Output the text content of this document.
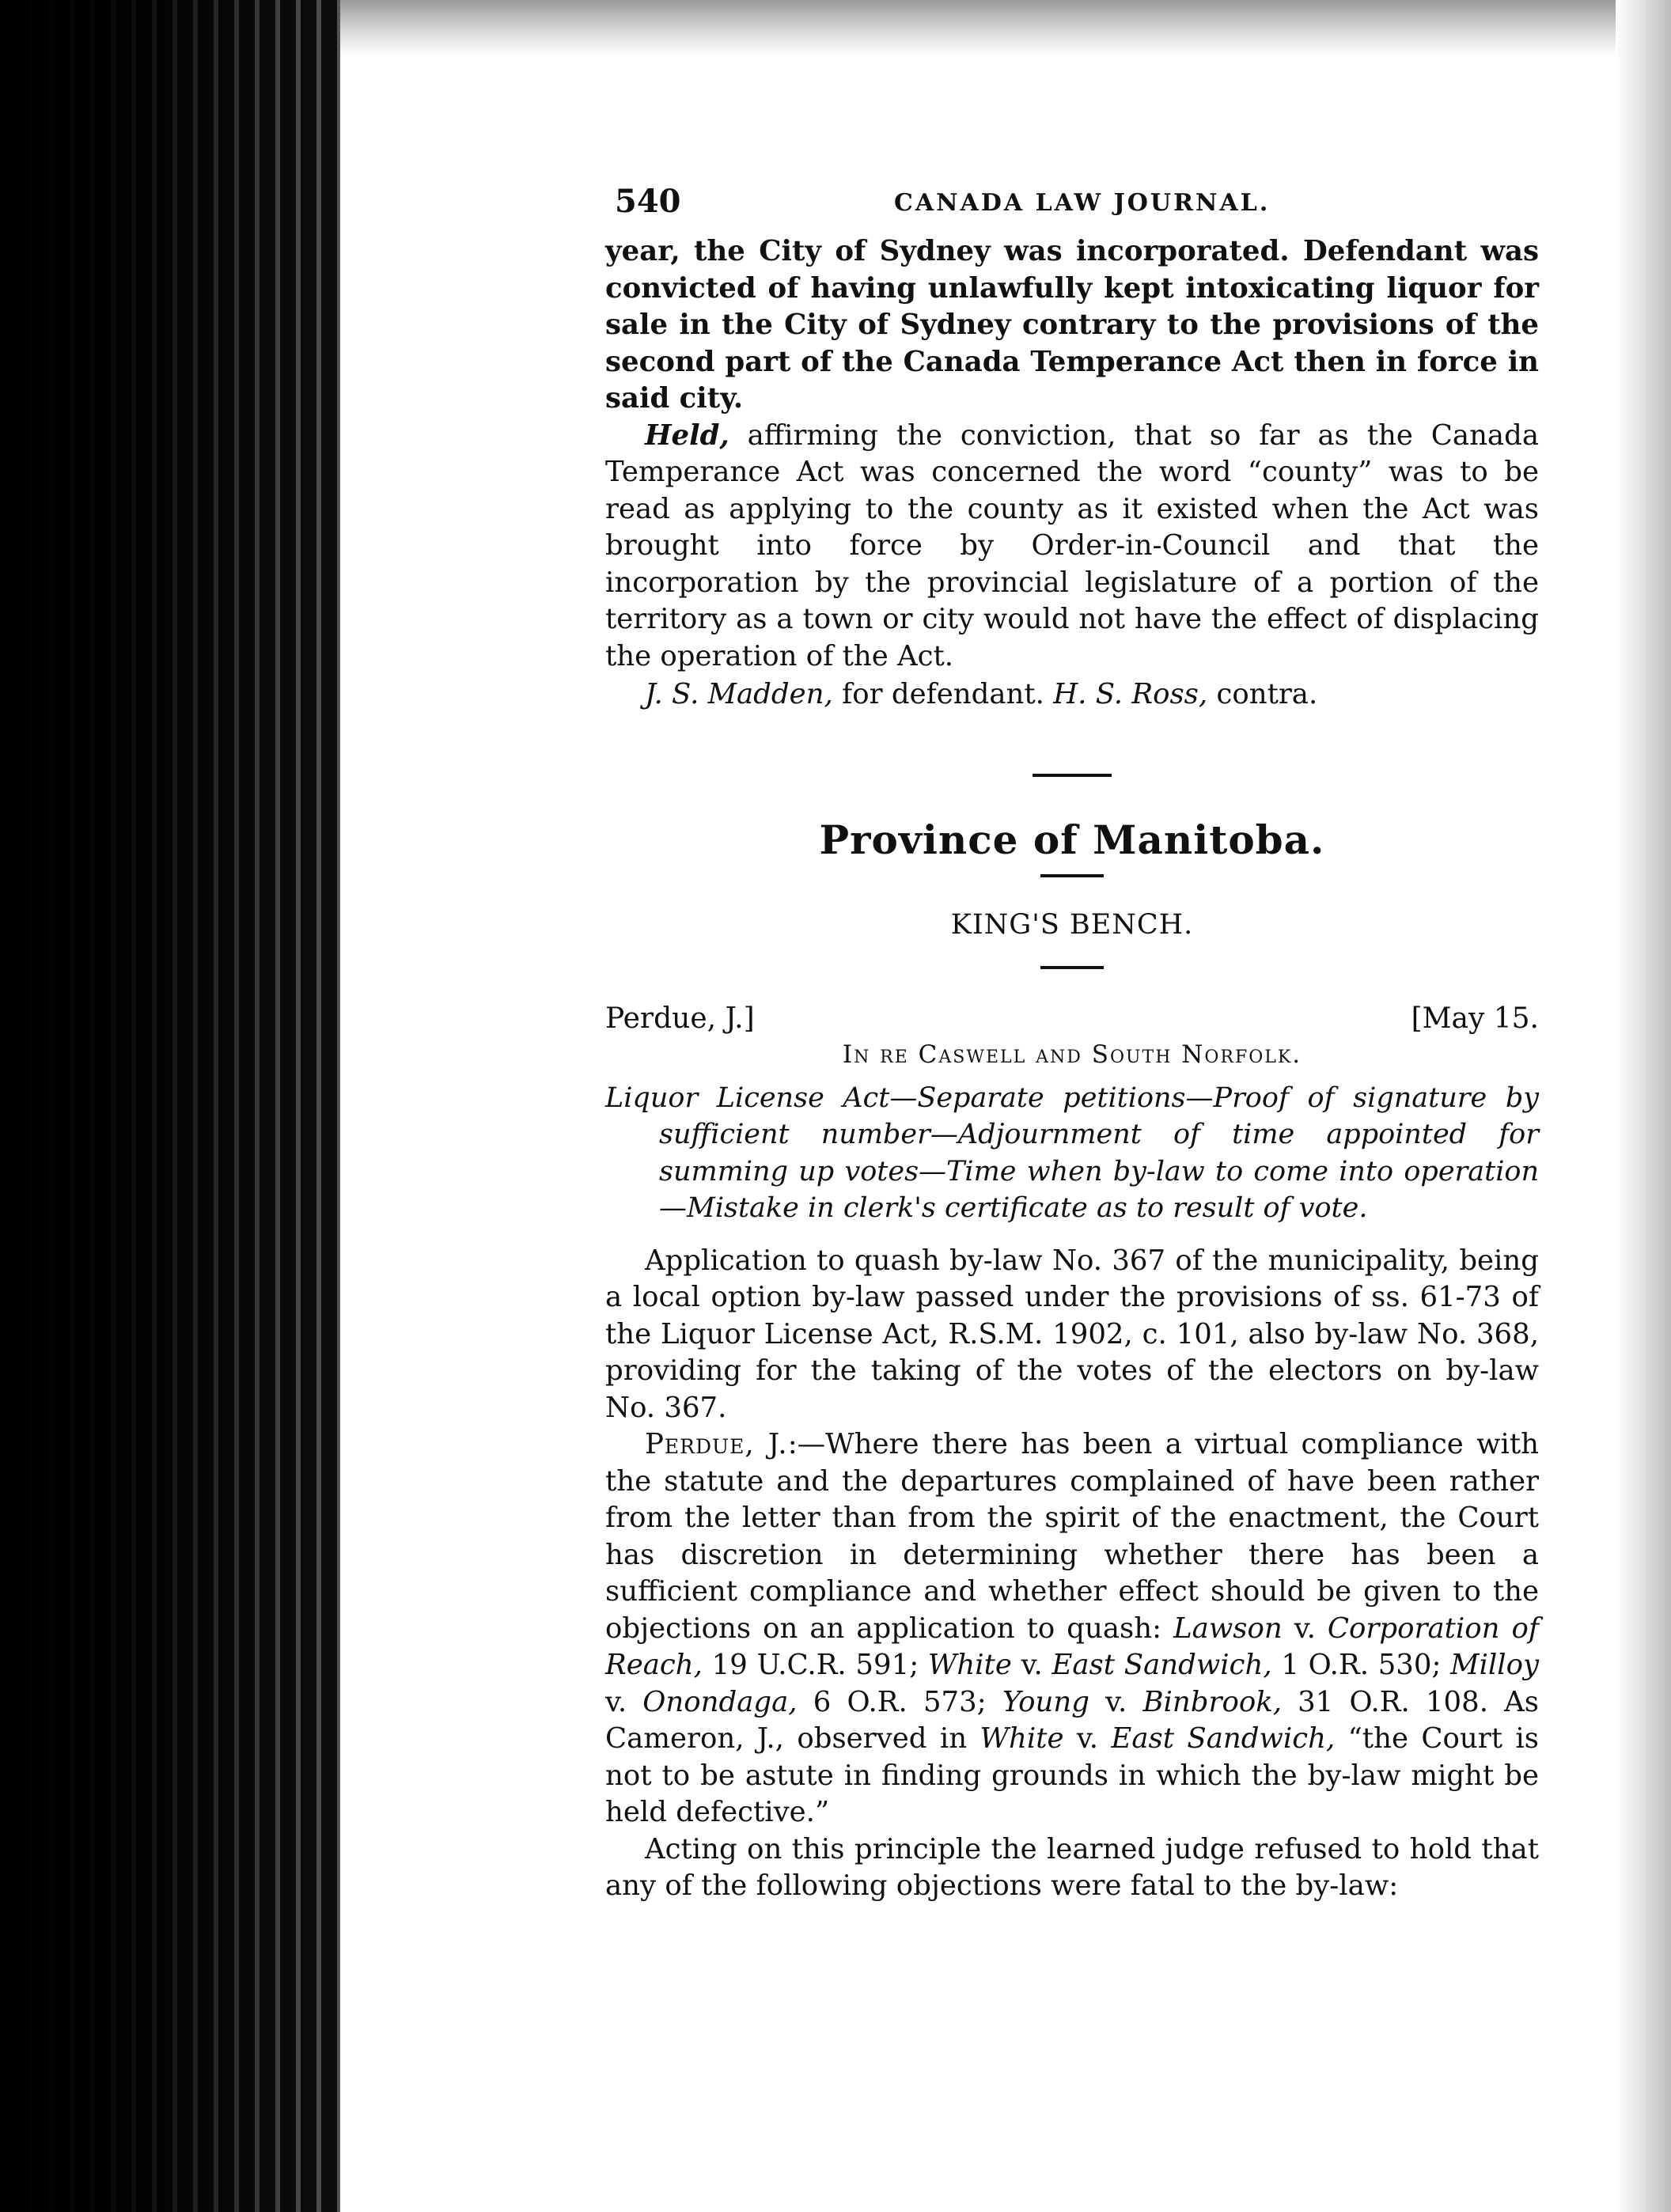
540	CANADA LAW JOURNAL.

year, the City of Sydney was incorporated. Defendant was convicted of having unlawfully kept intoxicating liquor for sale in the City of Sydney contrary to the provisions of the second part of the Canada Temperance Act then in force in said city.

Held, affirming the conviction, that so far as the Canada Temperance Act was concerned the word “county” was to be read as applying to the county as it existed when the Act was brought into force by Order-in-Council and that the incorporation by the provincial legislature of a portion of the territory as a town or city would not have the effect of displacing the operation of the Act.

J. S. Madden, for defendant. H. S. Ross, contra.

Province of Manitoba.
KING'S BENCH.
Perdue, J.]	[May 15.
In re Caswell and South Norfolk.
Liquor License Act—Separate petitions—Proof of signature by sufficient number—Adjournment of time appointed for summing up votes—Time when by-law to come into operation—Mistake in clerk's certificate as to result of vote.

Application to quash by-law No. 367 of the municipality, being a local option by-law passed under the provisions of ss. 61-73 of the Liquor License Act, R.S.M. 1902, c. 101, also by-law No. 368, providing for the taking of the votes of the electors on by-law No. 367.

Perdue, J.:—Where there has been a virtual compliance with the statute and the departures complained of have been rather from the letter than from the spirit of the enactment, the Court has discretion in determining whether there has been a sufficient compliance and whether effect should be given to the objections on an application to quash: Lawson v. Corporation of Reach, 19 U.C.R. 591; White v. East Sandwich, 1 O.R. 530; Milloy v. Onondaga, 6 O.R. 573; Young v. Binbrook, 31 O.R. 108. As Cameron, J., observed in White v. East Sandwich, “the Court is not to be astute in finding grounds in which the by-law might be held defective.”

Acting on this principle the learned judge refused to hold that any of the following objections were fatal to the by-law:
